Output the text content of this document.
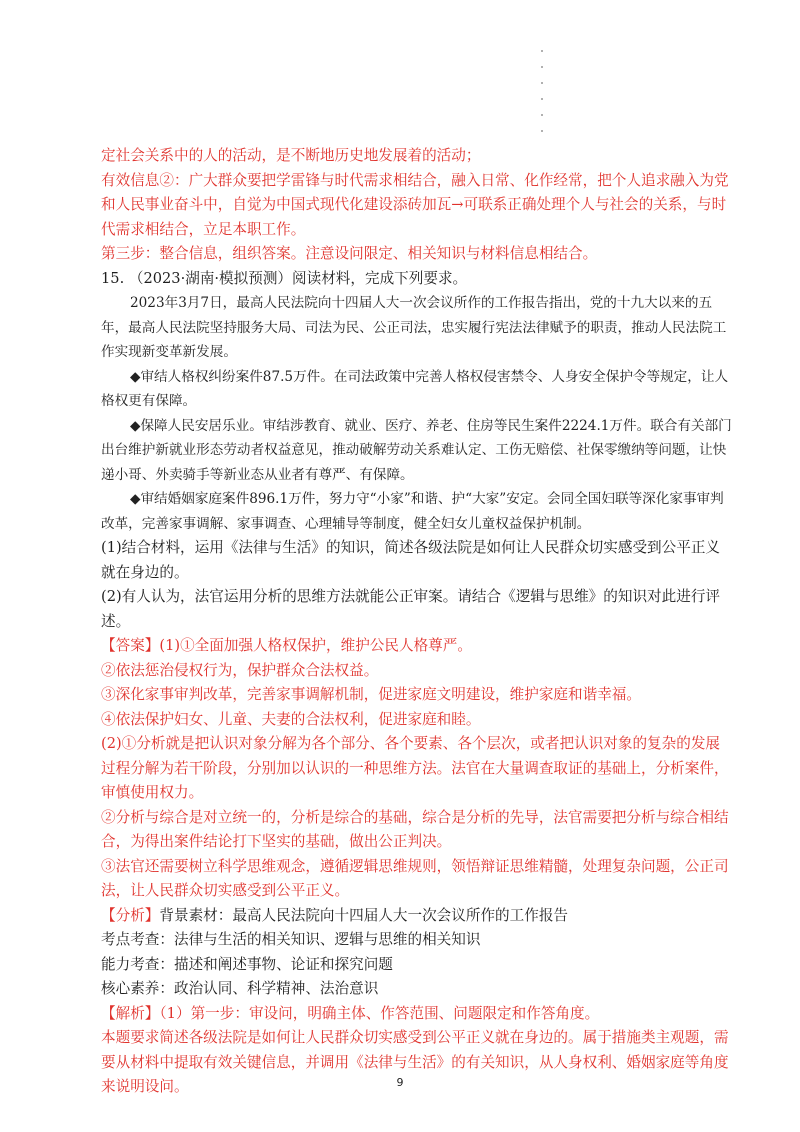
定社会关系中的人的活动，是不断地历史地发展着的活动；

有效信息②：广大群众要把学雷锋与时代需求相结合，融入日常、化作经常，把个人追求融入为党和人民事业奋斗中，自觉为中国式现代化建设添砖加瓦→可联系正确处理个人与社会的关系，与时代需求相结合，立足本职工作。

第三步：整合信息，组织答案。注意设问限定、相关知识与材料信息相结合。

15. （2023·湖南·模拟预测）阅读材料，完成下列要求。

2023年3月7日，最高人民法院向十四届人大一次会议所作的工作报告指出，党的十九大以来的五年，最高人民法院坚持服务大局、司法为民、公正司法，忠实履行宪法法律赋予的职责，推动人民法院工作实现新变革新发展。

◆审结人格权纠纷案件87.5万件。在司法政策中完善人格权侵害禁令、人身安全保护令等规定，让人格权更有保障。

◆保障人民安居乐业。审结涉教育、就业、医疗、养老、住房等民生案件2224.1万件。联合有关部门出台维护新就业形态劳动者权益意见，推动破解劳动关系难认定、工伤无赔偿、社保零缴纳等问题，让快递小哥、外卖骑手等新业态从业者有尊严、有保障。

◆审结婚姻家庭案件896.1万件，努力守“小家”和谐、护“大家”安定。会同全国妇联等深化家事审判改革，完善家事调解、家事调查、心理辅导等制度，健全妇女儿童权益保护机制。

(1)结合材料，运用《法律与生活》的知识，简述各级法院是如何让人民群众切实感受到公平正义就在身边的。

(2)有人认为，法官运用分析的思维方法就能公正审案。请结合《逻辑与思维》的知识对此进行评述。

【答案】(1)①全面加强人格权保护，维护公民人格尊严。

②依法惩治侵权行为，保护群众合法权益。

③深化家事审判改革，完善家事调解机制，促进家庭文明建设，维护家庭和谐幸福。

④依法保护妇女、儿童、夫妻的合法权利，促进家庭和睦。

(2)①分析就是把认识对象分解为各个部分、各个要素、各个层次，或者把认识对象的复杂的发展过程分解为若干阶段，分别加以认识的一种思维方法。法官在大量调查取证的基础上，分析案件，审慎使用权力。

②分析与综合是对立统一的，分析是综合的基础，综合是分析的先导，法官需要把分析与综合相结合，为得出案件结论打下坚实的基础，做出公正判决。

③法官还需要树立科学思维观念，遵循逻辑思维规则，领悟辩证思维精髓，处理复杂问题，公正司法，让人民群众切实感受到公平正义。

【分析】背景素材：最高人民法院向十四届人大一次会议所作的工作报告

考点考查：法律与生活的相关知识、逻辑与思维的相关知识

能力考查：描述和阐述事物、论证和探究问题

核心素养：政治认同、科学精神、法治意识

【解析】（1）第一步：审设问，明确主体、作答范围、问题限定和作答角度。

本题要求简述各级法院是如何让人民群众切实感受到公平正义就在身边的。属于措施类主观题，需要从材料中提取有效关键信息，并调用《法律与生活》的有关知识，从人身权利、婚姻家庭等角度来说明设问。	9
